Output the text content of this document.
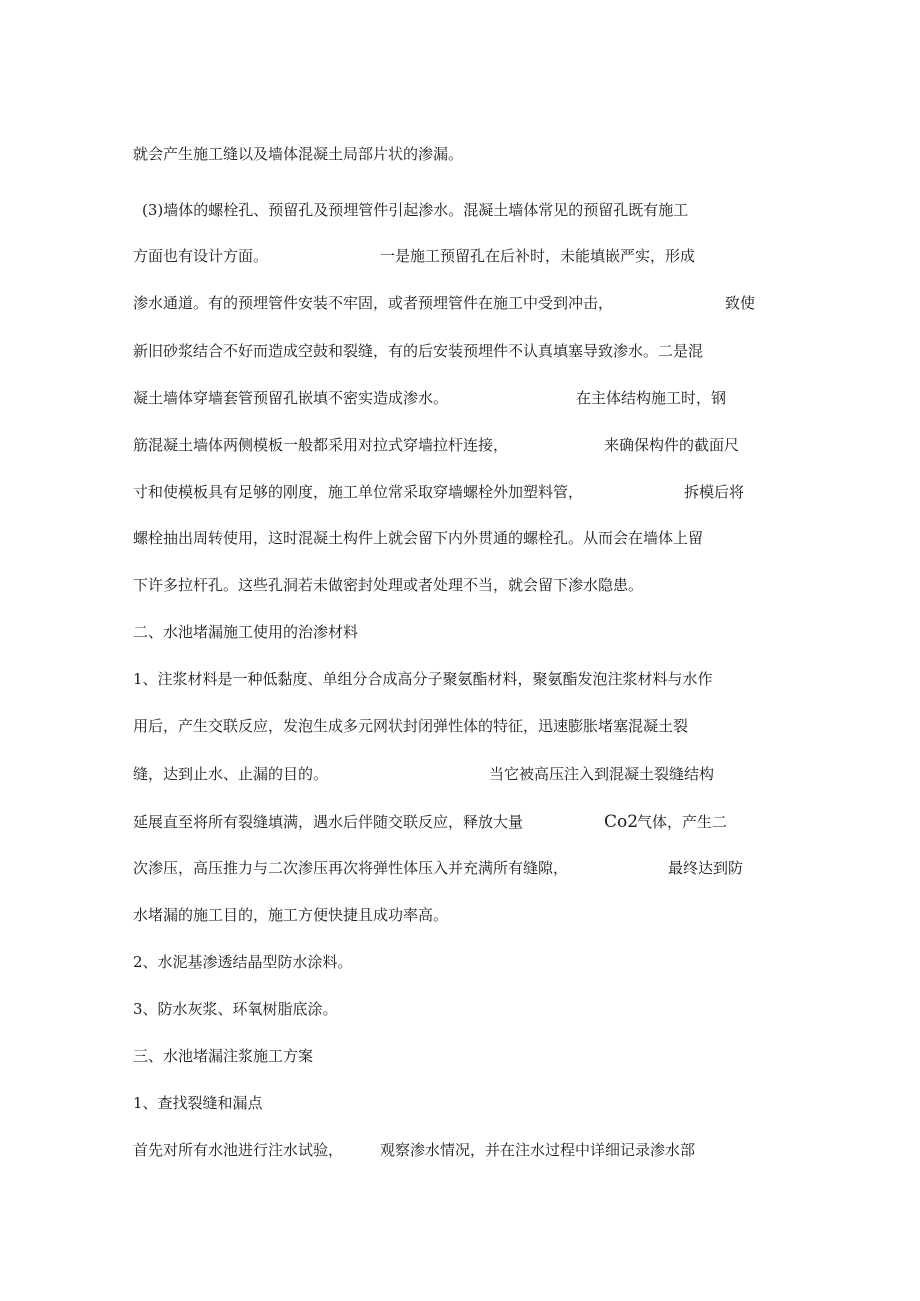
就会产生施工缝以及墙体混凝土局部片状的渗漏。
(3)墙体的螺栓孔、预留孔及预埋管件引起渗水。混凝土墙体常见的预留孔既有施工
方面也有设计方面。	一是施工预留孔在后补时，未能填嵌严实，形成
渗水通道。有的预埋管件安装不牢固，或者预埋管件在施工中受到冲击，	致使
新旧砂浆结合不好而造成空鼓和裂缝，有的后安装预埋件不认真填塞导致渗水。二是混
凝土墙体穿墙套管预留孔嵌填不密实造成渗水。	在主体结构施工时，钢
筋混凝土墙体两侧模板一般都采用对拉式穿墙拉杆连接，	来确保构件的截面尺
寸和使模板具有足够的刚度，施工单位常采取穿墙螺栓外加塑料管，	拆模后将
螺栓抽出周转使用，这时混凝土构件上就会留下内外贯通的螺栓孔。从而会在墙体上留
下许多拉杆孔。这些孔洞若未做密封处理或者处理不当，就会留下渗水隐患。
二、水池堵漏施工使用的治渗材料
1、注浆材料是一种低黏度、单组分合成高分子聚氨酯材料，聚氨酯发泡注浆材料与水作
用后，产生交联反应，发泡生成多元网状封闭弹性体的特征，迅速膨胀堵塞混凝土裂
缝，达到止水、止漏的目的。	当它被高压注入到混凝土裂缝结构
延展直至将所有裂缝填满，遇水后伴随交联反应，释放大量	Co2
气体，产生二
次渗压，高压推力与二次渗压再次将弹性体压入并充满所有缝隙，	最终达到防
水堵漏的施工目的，施工方便快捷且成功率高。
2、水泥基渗透结晶型防水涂料。
3、防水灰浆、环氧树脂底涂。
三、水池堵漏注浆施工方案
1、查找裂缝和漏点
首先对所有水池进行注水试验， 观察渗水情况，并在注水过程中详细记录渗水部
